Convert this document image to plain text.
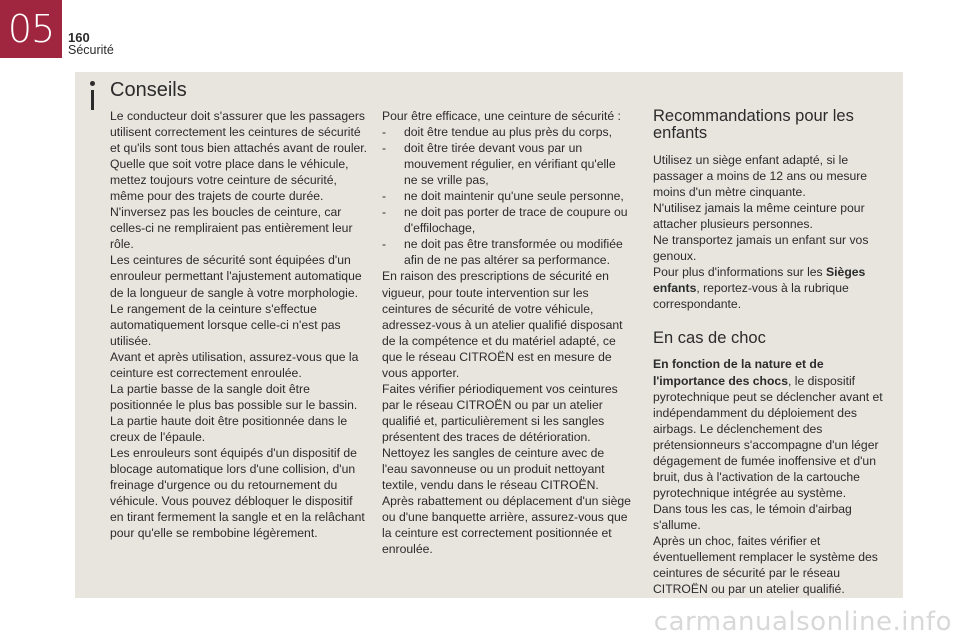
05	160
Sécurité
Conseils

Le conducteur doit s'assurer que les passagers utilisent correctement les ceintures de sécurité et qu'ils sont tous bien attachés avant de rouler.

Quelle que soit votre place dans le véhicule, mettez toujours votre ceinture de sécurité, même pour des trajets de courte durée.

N'inversez pas les boucles de ceinture, car celles-ci ne rempliraient pas entièrement leur rôle.

Les ceintures de sécurité sont équipées d'un enrouleur permettant l'ajustement automatique de la longueur de sangle à votre morphologie. Le rangement de la ceinture s'effectue automatiquement lorsque celle-ci n'est pas utilisée.

Avant et après utilisation, assurez-vous que la ceinture est correctement enroulée.

La partie basse de la sangle doit être positionnée le plus bas possible sur le bassin.

La partie haute doit être positionnée dans le creux de l'épaule.

Les enrouleurs sont équipés d'un dispositif de blocage automatique lors d'une collision, d'un freinage d'urgence ou du retournement du véhicule. Vous pouvez débloquer le dispositif en tirant fermement la sangle et en la relâchant pour qu'elle se rembobine légèrement.

Pour être efficace, une ceinture de sécurité :

-	doit être tendue au plus près du corps,
-	doit être tirée devant vous par un mouvement régulier, en vérifiant qu'elle ne se vrille pas,
-	ne doit maintenir qu'une seule personne,
-	ne doit pas porter de trace de coupure ou d'effilochage,
-	ne doit pas être transformée ou modifiée afin de ne pas altérer sa performance.

En raison des prescriptions de sécurité en vigueur, pour toute intervention sur les ceintures de sécurité de votre véhicule, adressez-vous à un atelier qualifié disposant de la compétence et du matériel adapté, ce que le réseau CITROËN est en mesure de vous apporter.

Faites vérifier périodiquement vos ceintures par le réseau CITROËN ou par un atelier qualifié et, particulièrement si les sangles présentent des traces de détérioration.

Nettoyez les sangles de ceinture avec de l'eau savonneuse ou un produit nettoyant textile, vendu dans le réseau CITROËN.

Après rabattement ou déplacement d'un siège ou d'une banquette arrière, assurez-vous que la ceinture est correctement positionnée et enroulée.

Recommandations pour les enfants

Utilisez un siège enfant adapté, si le passager a moins de 12 ans ou mesure moins d'un mètre cinquante.

N'utilisez jamais la même ceinture pour attacher plusieurs personnes.

Ne transportez jamais un enfant sur vos genoux.

Pour plus d'informations sur les Sièges enfants, reportez-vous à la rubrique correspondante.

En cas de choc

En fonction de la nature et de l'importance des chocs, le dispositif pyrotechnique peut se déclencher avant et indépendamment du déploiement des airbags. Le déclenchement des prétensionneurs s'accompagne d'un léger dégagement de fumée inoffensive et d'un bruit, dus à l'activation de la cartouche pyrotechnique intégrée au système.

Dans tous les cas, le témoin d'airbag s'allume.

Après un choc, faites vérifier et éventuellement remplacer le système des ceintures de sécurité par le réseau CITROËN ou par un atelier qualifié.

carmanualsonline.info
